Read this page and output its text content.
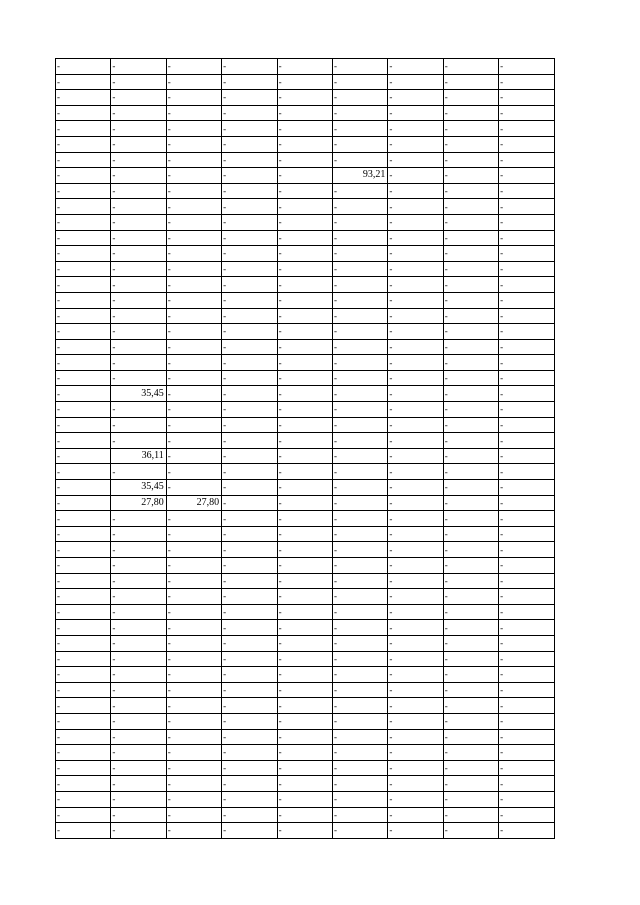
-	-	-	-	-	-	-	-	-
-	-	-	-	-	-	-	-	-
-	-	-	-	-	-	-	-	-
-	-	-	-	-	-	-	-	-
-	-	-	-	-	-	-	-	-
-	-	-	-	-	-	-	-	-
-	-	-	-	-	-	-	-	-
-	-	-	-	-	93,21	-	-	-
-	-	-	-	-	-	-	-	-
-	-	-	-	-	-	-	-	-
-	-	-	-	-	-	-	-	-
-	-	-	-	-	-	-	-	-
-	-	-	-	-	-	-	-	-
-	-	-	-	-	-	-	-	-
-	-	-	-	-	-	-	-	-
-	-	-	-	-	-	-	-	-
-	-	-	-	-	-	-	-	-
-	-	-	-	-	-	-	-	-
-	-	-	-	-	-	-	-	-
-	-	-	-	-	-	-	-	-
-	-	-	-	-	-	-	-	-
-	35,45	-	-	-	-	-	-	-
-	-	-	-	-	-	-	-	-
-	-	-	-	-	-	-	-	-
-	-	-	-	-	-	-	-	-
-	36,11	-	-	-	-	-	-	-
-	-	-	-	-	-	-	-	-
-	35,45	-	-	-	-	-	-	-
-	27,80	27,80	-	-	-	-	-	-
-	-	-	-	-	-	-	-	-
-	-	-	-	-	-	-	-	-
-	-	-	-	-	-	-	-	-
-	-	-	-	-	-	-	-	-
-	-	-	-	-	-	-	-	-
-	-	-	-	-	-	-	-	-
-	-	-	-	-	-	-	-	-
-	-	-	-	-	-	-	-	-
-	-	-	-	-	-	-	-	-
-	-	-	-	-	-	-	-	-
-	-	-	-	-	-	-	-	-
-	-	-	-	-	-	-	-	-
-	-	-	-	-	-	-	-	-
-	-	-	-	-	-	-	-	-
-	-	-	-	-	-	-	-	-
-	-	-	-	-	-	-	-	-
-	-	-	-	-	-	-	-	-
-	-	-	-	-	-	-	-	-
-	-	-	-	-	-	-	-	-
-	-	-	-	-	-	-	-	-
-	-	-	-	-	-	-	-	-
